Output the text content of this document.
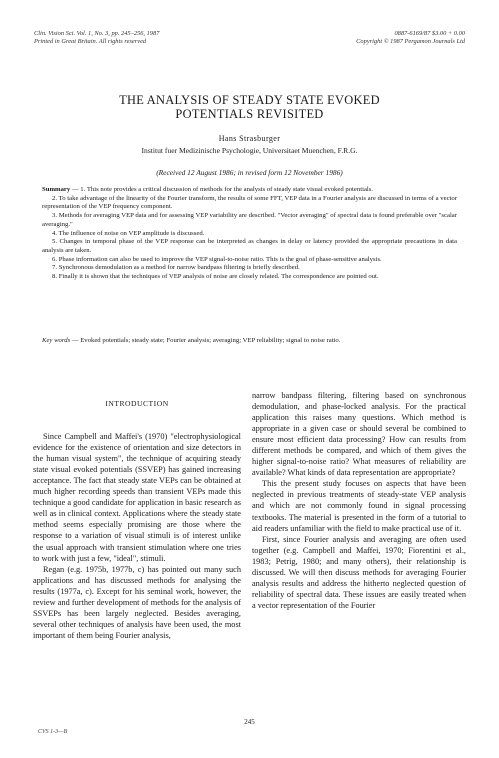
Clin. Vision Sci. Vol. 1, No. 3, pp. 245–256, 1987
Printed in Great Britain. All rights reserved
0887-6169/87 $3.00 + 0.00
Copyright © 1987 Pergamon Journals Ltd
THE ANALYSIS OF STEADY STATE EVOKED
POTENTIALS REVISITED
Hans Strasburger
Institut fuer Medizinische Psychologie, Universitaet Muenchen, F.R.G.
(Received 12 August 1986; in revised form 12 November 1986)

Summary — 1. This note provides a critical discussion of methods for the analysis of steady state visual evoked potentials.

2. To take advantage of the linearity of the Fourier transform, the results of some FFT, VEP data in a Fourier analysis are discussed in terms of a vector representation of the VEP frequency component.

3. Methods for averaging VEP data and for assessing VEP variability are described. "Vector averaging" of spectral data is found preferable over "scalar averaging."

4. The influence of noise on VEP amplitude is discussed.

5. Changes in temporal phase of the VEP response can be interpreted as changes in delay or latency provided the appropriate precautions in data analysis are taken.

6. Phase information can also be used to improve the VEP signal-to-noise ratio. This is the goal of phase-sensitive analysis.

7. Synchronous demodulation as a method for narrow bandpass filtering is briefly described.

8. Finally it is shown that the techniques of VEP analysis of noise are closely related. The correspondence are pointed out.

Key words — Evoked potentials; steady state; Fourier analysis; averaging; VEP reliability; signal to noise ratio.
INTRODUCTION

Since Campbell and Maffei's (1970) "electrophysiological evidence for the existence of orientation and size detectors in the human visual system", the technique of acquiring steady state visual evoked potentials (SSVEP) has gained increasing acceptance. The fact that steady state VEPs can be obtained at much higher recording speeds than transient VEPs made this technique a good candidate for application in basic research as well as in clinical context. Applications where the steady state method seems especially promising are those where the response to a variation of visual stimuli is of interest unlike the usual approach with transient stimulation where one tries to work with just a few, "ideal", stimuli.

Regan (e.g. 1975b, 1977b, c) has pointed out many such applications and has discussed methods for analysing the results (1977a, c). Except for his seminal work, however, the review and further development of methods for the analysis of SSVEPs has been largely neglected. Besides averaging, several other techniques of analysis have been used, the most important of them being Fourier analysis,

narrow bandpass filtering, filtering based on synchronous demodulation, and phase-locked analysis. For the practical application this raises many questions. Which method is appropriate in a given case or should several be combined to ensure most efficient data processing? How can results from different methods be compared, and which of them gives the higher signal-to-noise ratio? What measures of reliability are available? What kinds of data representation are appropriate?

This the present study focuses on aspects that have been neglected in previous treatments of steady-state VEP analysis and which are not commonly found in signal processing textbooks. The material is presented in the form of a tutorial to aid readers unfamiliar with the field to make practical use of it.

First, since Fourier analysis and averaging are often used together (e.g. Campbell and Maffei, 1970; Fiorentini et al., 1983; Petrig, 1980; and many others), their relationship is discussed. We will then discuss methods for averaging Fourier analysis results and address the hitherto neglected question of reliability of spectral data. These issues are easily treated when a vector representation of the Fourier

245
CVS 1-3—B
